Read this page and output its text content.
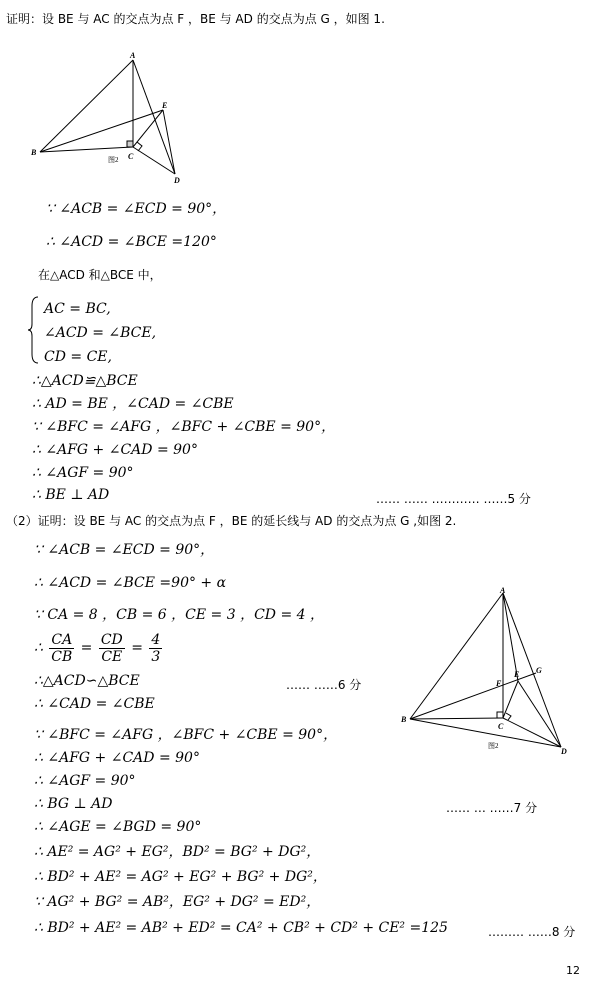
证明：设 BE 与 AC 的交点为点 F ，BE 与 AD 的交点为点 G ，如图 1.
A
B	C
D
E
图2
∵ ∠ACB = ∠ECD = 90°，
∴ ∠ACD = ∠BCE =120°
在△ACD 和△BCE 中，
AC = BC,
∠ACD = ∠BCE,
CD = CE,
∴△ACD≌△BCE
∴ AD = BE ，∠CAD = ∠CBE
∵ ∠BFC = ∠AFG ，∠BFC + ∠CBE = 90°，
∴ ∠AFG + ∠CAD = 90°
∴ ∠AGF = 90°
∴ BE ⊥ AD	…… …… ………… ……5 分
（2）证明：设 BE 与 AC 的交点为点 F ，BE 的延长线与 AD 的交点为点 G ,如图 2.
∵ ∠ACB = ∠ECD = 90°，
∴ ∠ACD = ∠BCE =90° + α
∵ CA = 8 ，CB = 6 ，CE = 3 ，CD = 4 ，
∴ $\frac{CA}{CB} = \frac{CD}{CE} = \frac{4}{3}$
∴△ACD∽△BCE	…… ……6 分
∴ ∠CAD = ∠CBE
∵ ∠BFC = ∠AFG ，∠BFC + ∠CBE = 90°，
∴ ∠AFG + ∠CAD = 90°
∴ ∠AGF = 90°
∴ BG ⊥ AD	…… … ……7 分
∴ ∠AGE = ∠BGD = 90°
∴ AE² = AG² + EG²，BD² = BG² + DG²，
∴ BD² + AE² = AG² + EG² + BG² + DG²，
∵ AG² + BG² = AB²，EG² + DG² = ED²，
∴ BD² + AE² = AB² + ED² = CA² + CB² + CD² + CE² =125	……… ……8 分
A
B
C
D
E
F
G
图2
12
